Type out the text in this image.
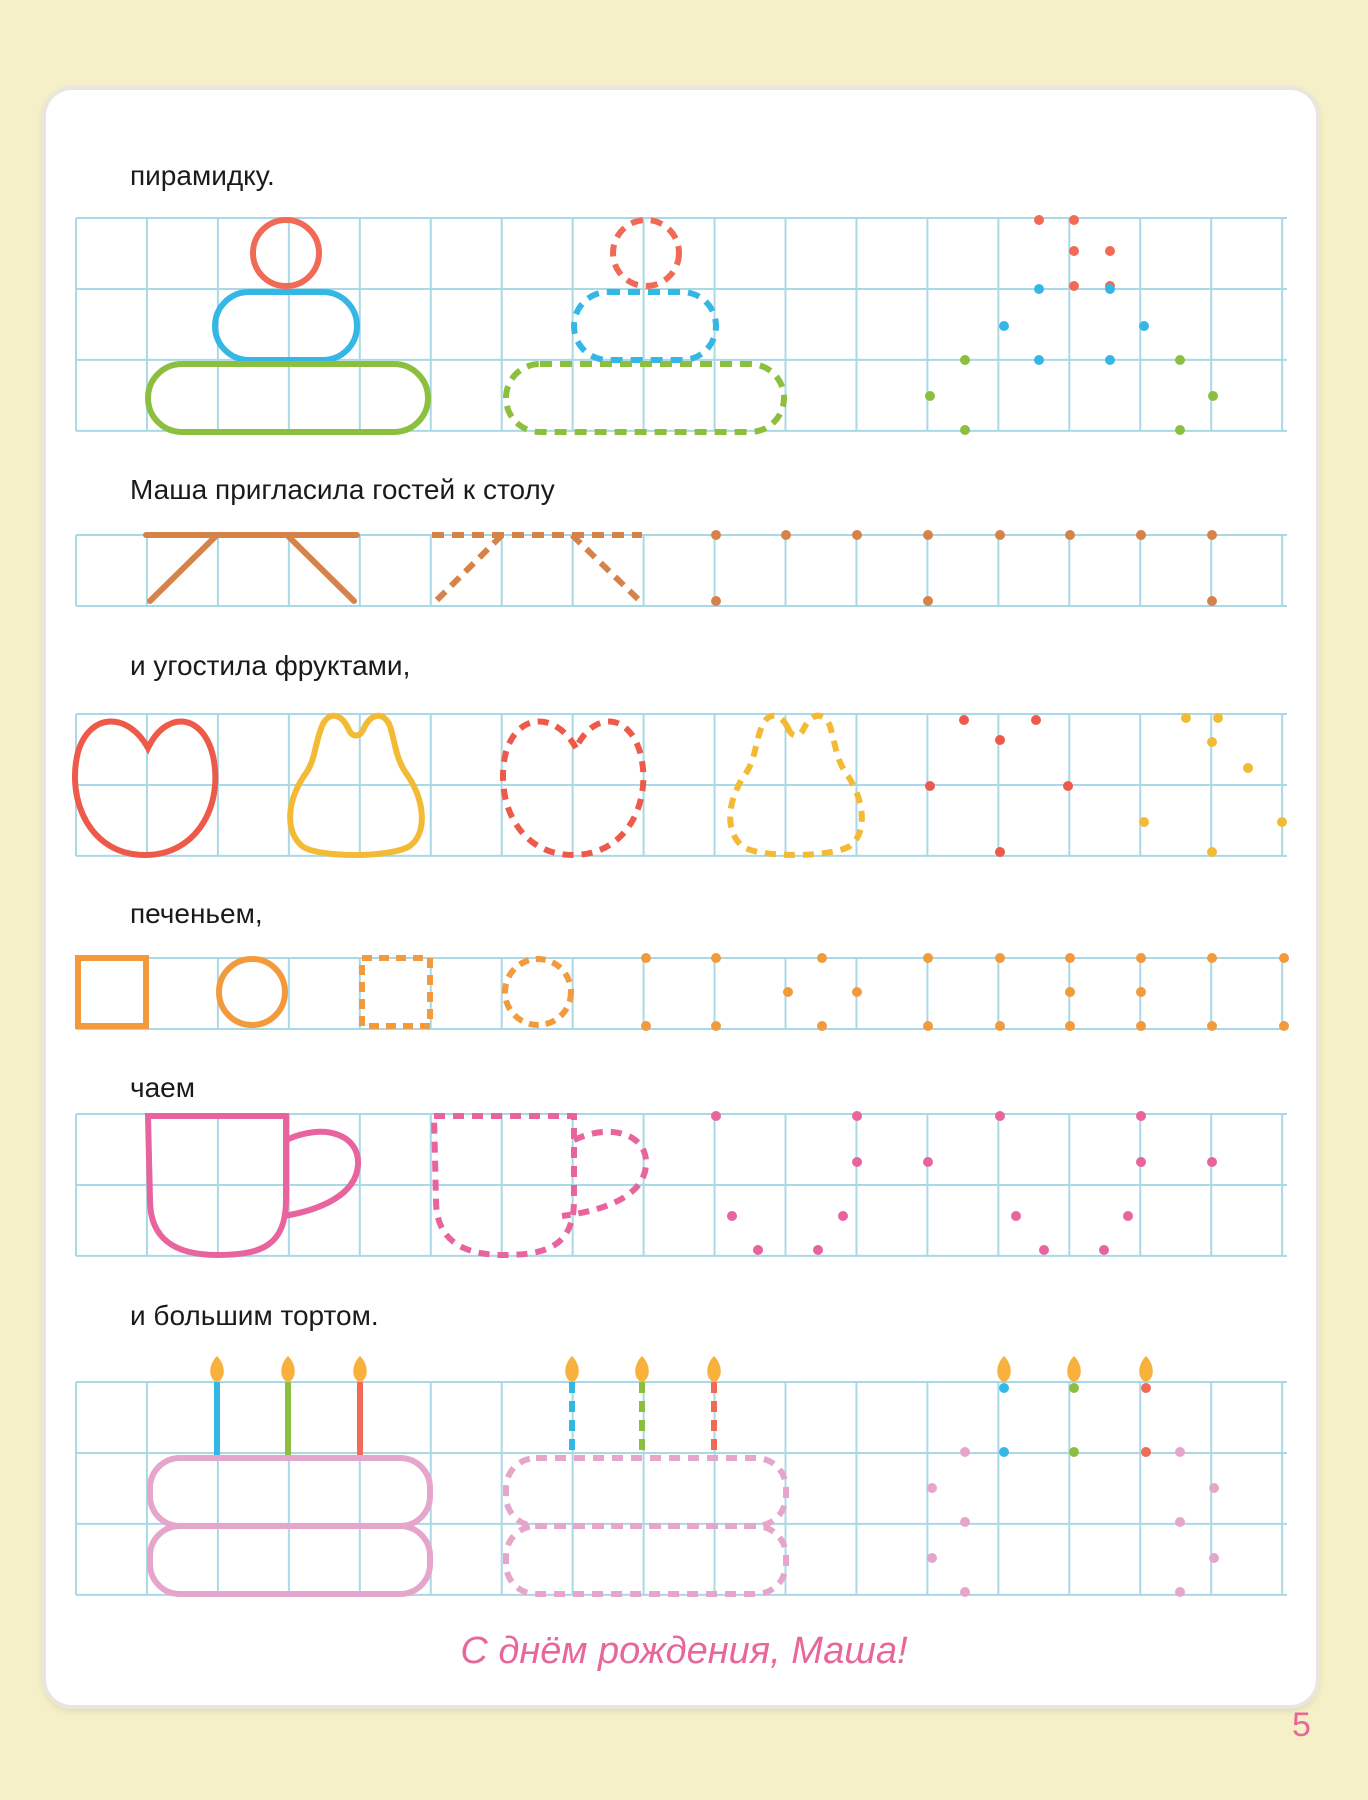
пирамидку.
Маша пригласила гостей к столу
и угостила фруктами,
печеньем,
чаем
и большим тортом.
С днём рождения, Маша!
5
